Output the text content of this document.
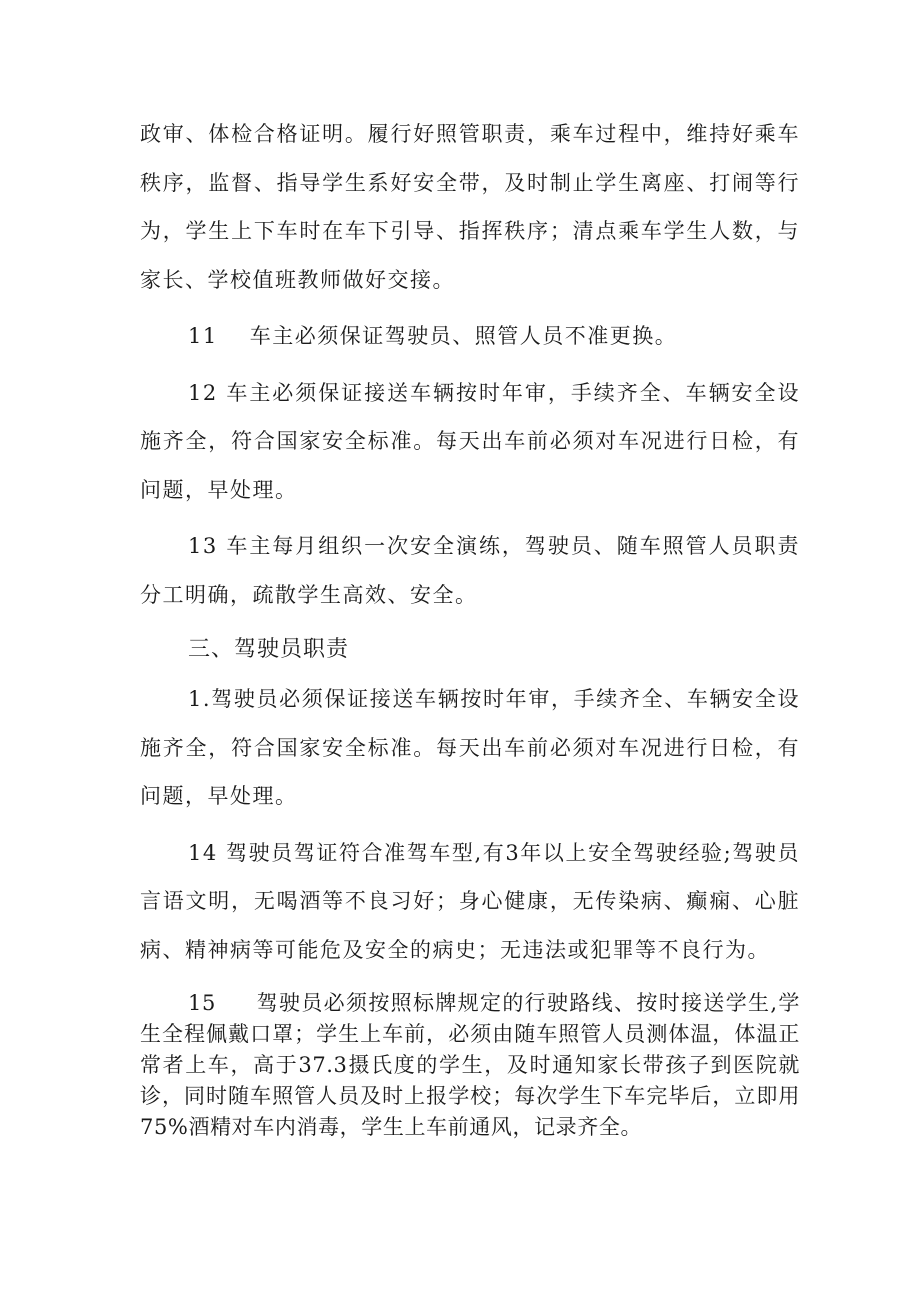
政审、体检合格证明。履行好照管职责，乘车过程中，维持好乘车秩序，监督、指导学生系好安全带，及时制止学生离座、打闹等行为，学生上下车时在车下引导、指挥秩序；清点乘车学生人数，与家长、学校值班教师做好交接。

11 车主必须保证驾驶员、照管人员不准更换。

12 车主必须保证接送车辆按时年审，手续齐全、车辆安全设施齐全，符合国家安全标准。每天出车前必须对车况进行日检，有问题，早处理。

13 车主每月组织一次安全演练，驾驶员、随车照管人员职责分工明确，疏散学生高效、安全。

三、驾驶员职责

1.驾驶员必须保证接送车辆按时年审，手续齐全、车辆安全设施齐全，符合国家安全标准。每天出车前必须对车况进行日检，有问题，早处理。

14 驾驶员驾证符合准驾车型,有3年以上安全驾驶经验;驾驶员言语文明，无喝酒等不良习好；身心健康，无传染病、癫痫、心脏病、精神病等可能危及安全的病史；无违法或犯罪等不良行为。

15 驾驶员必须按照标牌规定的行驶路线、按时接送学生,学生全程佩戴口罩；学生上车前，必须由随车照管人员测体温，体温正常者上车，高于37.3摄氏度的学生，及时通知家长带孩子到医院就诊，同时随车照管人员及时上报学校；每次学生下车完毕后，立即用75%酒精对车内消毒，学生上车前通风，记录齐全。
